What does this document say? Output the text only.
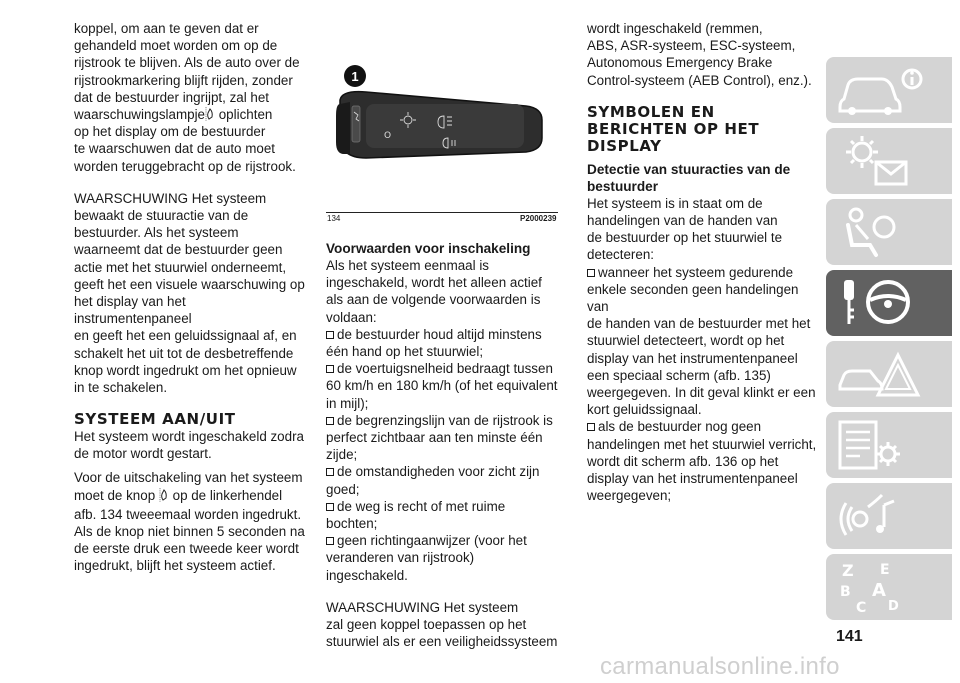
koppel, om aan te geven dat er

gehandeld moet worden om op de

rijstrook te blijven. Als de auto over de

rijstrookmarkering blijft rijden, zonder

dat de bestuurder ingrijpt, zal het

waarschuwingslampje oplichten

op het display om de bestuurder

te waarschuwen dat de auto moet

worden teruggebracht op de rijstrook.

WAARSCHUWING Het systeem

bewaakt de stuuractie van de

bestuurder. Als het systeem

waarneemt dat de bestuurder geen

actie met het stuurwiel onderneemt,

geeft het een visuele waarschuwing op

het display van het instrumentenpaneel

en geeft het een geluidssignaal af, en

schakelt het uit tot de desbetreffende

knop wordt ingedrukt om het opnieuw

in te schakelen.

SYSTEEM AAN/UIT

Het systeem wordt ingeschakeld zodra

de motor wordt gestart.

Voor de uitschakeling van het systeem

moet de knop op de linkerhendel

afb. 134 tweeemaal worden ingedrukt.

Als de knop niet binnen 5 seconden na

de eerste druk een tweede keer wordt

ingedrukt, blijft het systeem actief.

1
O
134	P2000239

Voorwaarden voor inschakeling

Als het systeem eenmaal is

ingeschakeld, wordt het alleen actief

als aan de volgende voorwaarden is

voldaan:

de bestuurder houd altijd minstens

één hand op het stuurwiel;

de voertuigsnelheid bedraagt tussen

60 km/h en 180 km/h (of het equivalent

in mijl);

de begrenzingslijn van de rijstrook is

perfect zichtbaar aan ten minste één

zijde;

de omstandigheden voor zicht zijn

goed;

de weg is recht of met ruime

bochten;

geen richtingaanwijzer (voor het

veranderen van rijstrook) ingeschakeld.

WAARSCHUWING Het systeem

zal geen koppel toepassen op het

stuurwiel als er een veiligheidssysteem

wordt ingeschakeld (remmen,

ABS, ASR-systeem, ESC-systeem,

Autonomous Emergency Brake

Control-systeem (AEB Control), enz.).

SYMBOLEN EN

BERICHTEN OP HET

DISPLAY

Detectie van stuuracties van de

bestuurder

Het systeem is in staat om de

handelingen van de handen van

de bestuurder op het stuurwiel te

detecteren:

wanneer het systeem gedurende

enkele seconden geen handelingen van

de handen van de bestuurder met het

stuurwiel detecteert, wordt op het

display van het instrumentenpaneel

een speciaal scherm (afb. 135)

weergegeven. In dit geval klinkt er een

kort geluidssignaal.

als de bestuurder nog geen

handelingen met het stuurwiel verricht,

wordt dit scherm afb. 136 op het

display van het instrumentenpaneel

weergegeven;

Z E
B A
C D
141
carmanualsonline.info
